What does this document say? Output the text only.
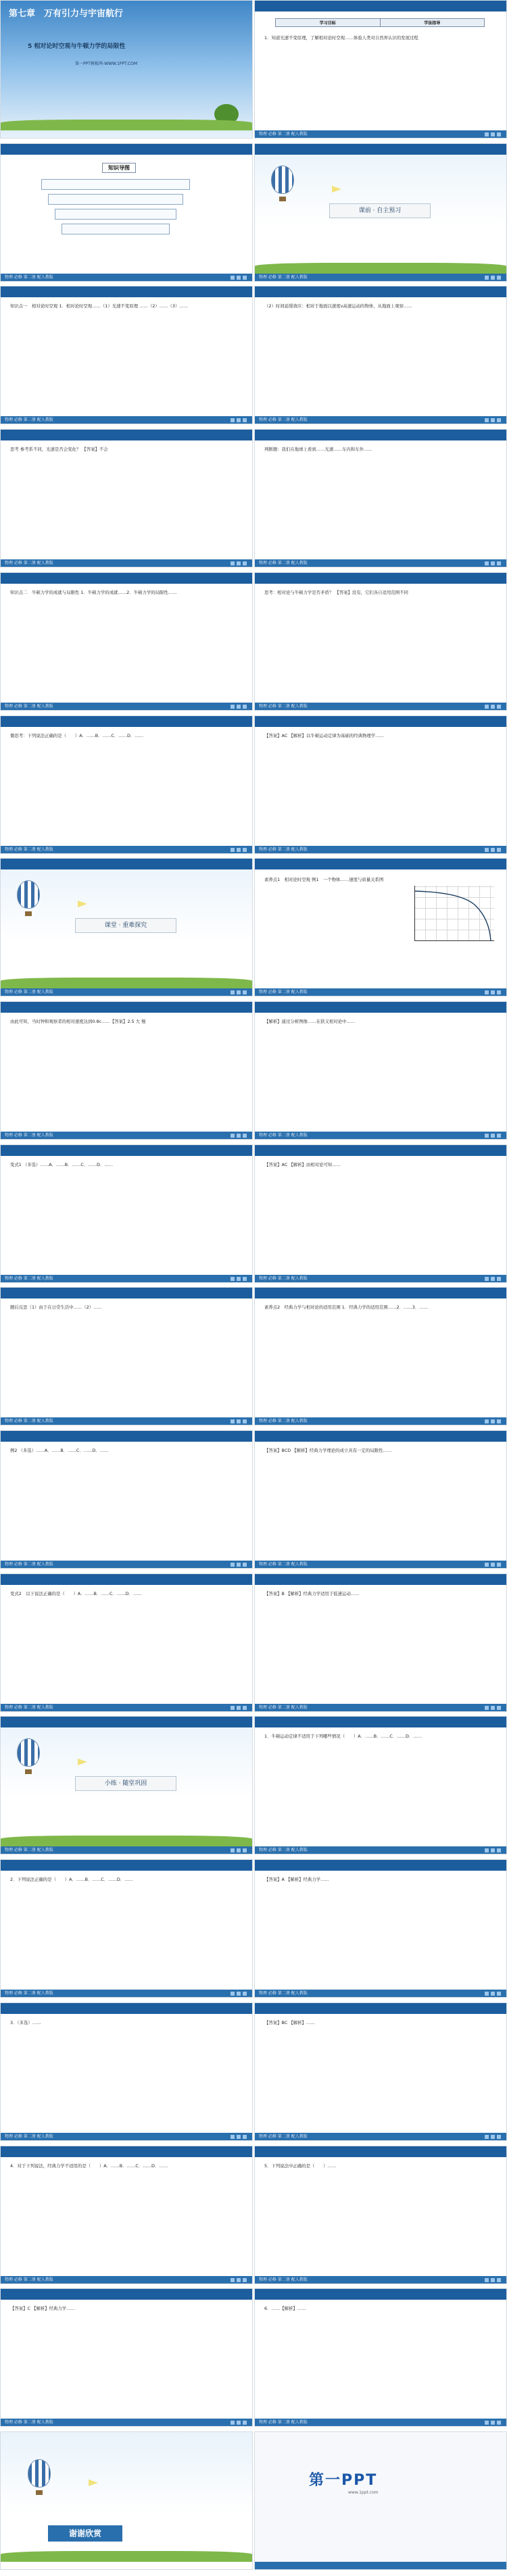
第七章　万有引力与宇宙航行
5 相对论时空观与牛顿力学的局限性
第一PPT模板网-WWW.1PPT.COM
物理 必修 第二册 配人教版
学习目标	学法指导
1．知道光速不变原理，了解相对论时空观……体验人类对自然界认识的发展过程
物理 必修 第二册 配人教版
知识导图
物理 必修 第二册 配人教版
课前 · 自主预习
物理 必修 第二册 配人教版
知识点一　相对论时空观 1．相对论时空观……（1）光速不变原理 ……（2）……（3）……
物理 必修 第二册 配人教版
（2）时间延缓效应：相对于地面以速度v高速运动的物体，从地面上观察……
物理 必修 第二册 配人教版
思考 参考系不同，光速是否会变化？ 【答案】不会
物理 必修 第二册 配人教版
判断题：我们在地球上看到……光速……车内和车外……
物理 必修 第二册 配人教版
知识点二　牛顿力学的成就与局限性 1．牛顿力学的成就……2．牛顿力学的局限性……
物理 必修 第二册 配人教版
思考：相对论与牛顿力学是否矛盾？ 【答案】没有，它们各自适用范围不同
物理 必修 第二册 配人教版
微思考：下列说法正确的是（　　）A．……B．……C．……D．……
物理 必修 第二册 配人教版
【答案】AC 【解析】以牛顿运动定律为基础的经典物理学……
物理 必修 第二册 配人教版
课堂 · 重难探究
物理 必修 第二册 配人教版
素养点1　相对论时空观 例1　一个物体……速度与质量关系图
物理 必修 第二册 配人教版
由此可知，当时钟和观察者的相对速度达到0.8c……【答案】2.5 大 慢
物理 必修 第二册 配人教版
【解析】通过分析图像……在狭义相对论中……
物理 必修 第二册 配人教版
变式1 （多选）……A．……B．……C．……D．……
物理 必修 第二册 配人教版
【答案】AC 【解析】由相对论可知……
物理 必修 第二册 配人教版
题后反思（1）由于在日常生活中……（2）……
物理 必修 第二册 配人教版
素养点2　经典力学与相对论的适用范围 1．经典力学的适用范围……2．……3．……
物理 必修 第二册 配人教版
例2 （多选）……A．……B．……C．……D．……
物理 必修 第二册 配人教版
【答案】BCD 【解析】经典力学理论的成立具有一定的局限性……
物理 必修 第二册 配人教版
变式2　以下说法正确的是（　　）A．……B．……C．……D．……
物理 必修 第二册 配人教版
【答案】B 【解析】经典力学适用于低速运动……
物理 必修 第二册 配人教版
小练 · 随堂巩固
物理 必修 第二册 配人教版
1．牛顿运动定律不适用于下列哪些情况（　　）A．……B．……C．……D．……
物理 必修 第二册 配人教版
2．下列说法正确的是（　　）A．……B．……C．……D．……
物理 必修 第二册 配人教版
【答案】A 【解析】经典力学……
物理 必修 第二册 配人教版
3．（多选）……
物理 必修 第二册 配人教版
【答案】BC 【解析】……
物理 必修 第二册 配人教版
4．对于下列说法，经典力学不适用的是（　　）A．……B．……C．……D．……
物理 必修 第二册 配人教版
5．下列说法中正确的是（　　）……
物理 必修 第二册 配人教版
【答案】C 【解析】经典力学……
物理 必修 第二册 配人教版
6．……【解析】……
谢谢欣赏
第一PPT
www.1ppt.com
